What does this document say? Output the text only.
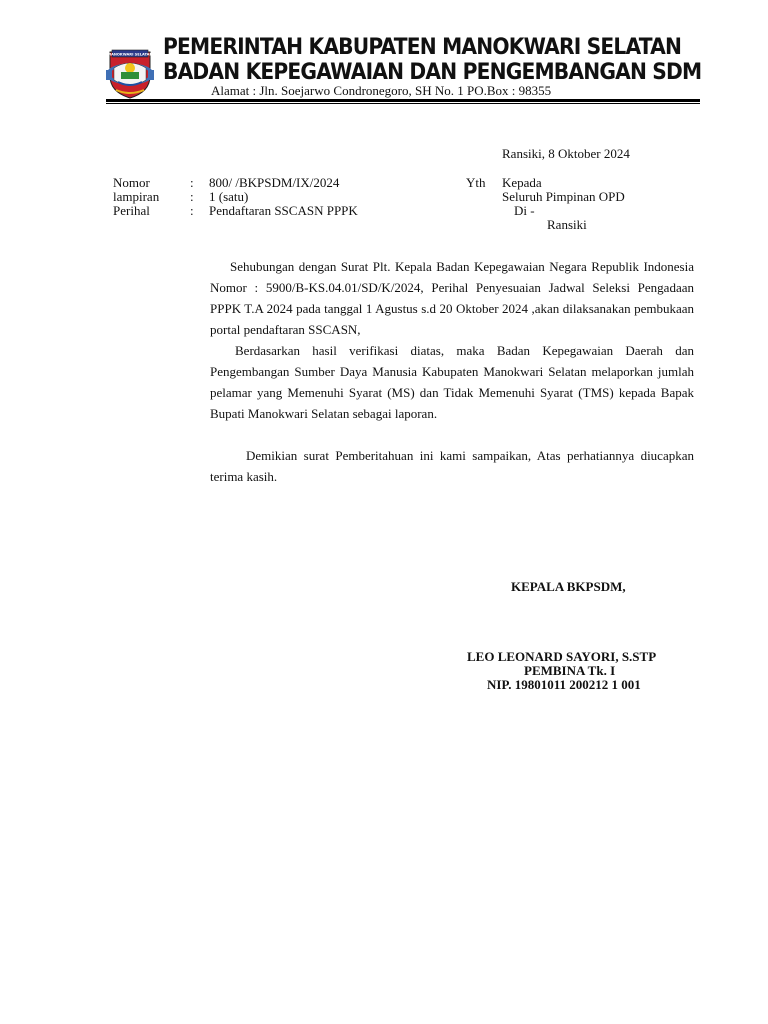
MANOKWARI SELATAN PEMERINTAH KABUPATEN MANOKWARI SELATAN
BADAN KEPEGAWAIAN DAN PENGEMBANGAN SDM
Alamat : Jln. Soejarwo Condronegoro, SH No. 1 PO.Box : 98355
Ransiki, 8 Oktober 2024
Nomor	: 800/ /BKPSDM/IX/2024
lampiran : 1 (satu)
Perihal	: Pendaftaran SSCASN PPPK
Yth Kepada
Seluruh Pimpinan OPD
Di -
Ransiki

Sehubungan dengan Surat Plt. Kepala Badan Kepegawaian Negara Republik Indonesia Nomor : 5900/B-KS.04.01/SD/K/2024, Perihal Penyesuaian Jadwal Seleksi Pengadaan PPPK T.A 2024 pada tanggal 1 Agustus s.d 20 Oktober 2024 ,akan dilaksanakan pembukaan portal pendaftaran SSCASN,

Berdasarkan hasil verifikasi diatas, maka Badan Kepegawaian Daerah dan Pengembangan Sumber Daya Manusia Kabupaten Manokwari Selatan melaporkan jumlah pelamar yang Memenuhi Syarat (MS) dan Tidak Memenuhi Syarat (TMS) kepada Bapak Bupati Manokwari Selatan sebagai laporan.

Demikian surat Pemberitahuan ini kami sampaikan, Atas perhatiannya diucapkan terima kasih.

KEPALA BKPSDM,
LEO LEONARD SAYORI, S.STP
PEMBINA Tk. I
NIP. 19801011 200212 1 001
